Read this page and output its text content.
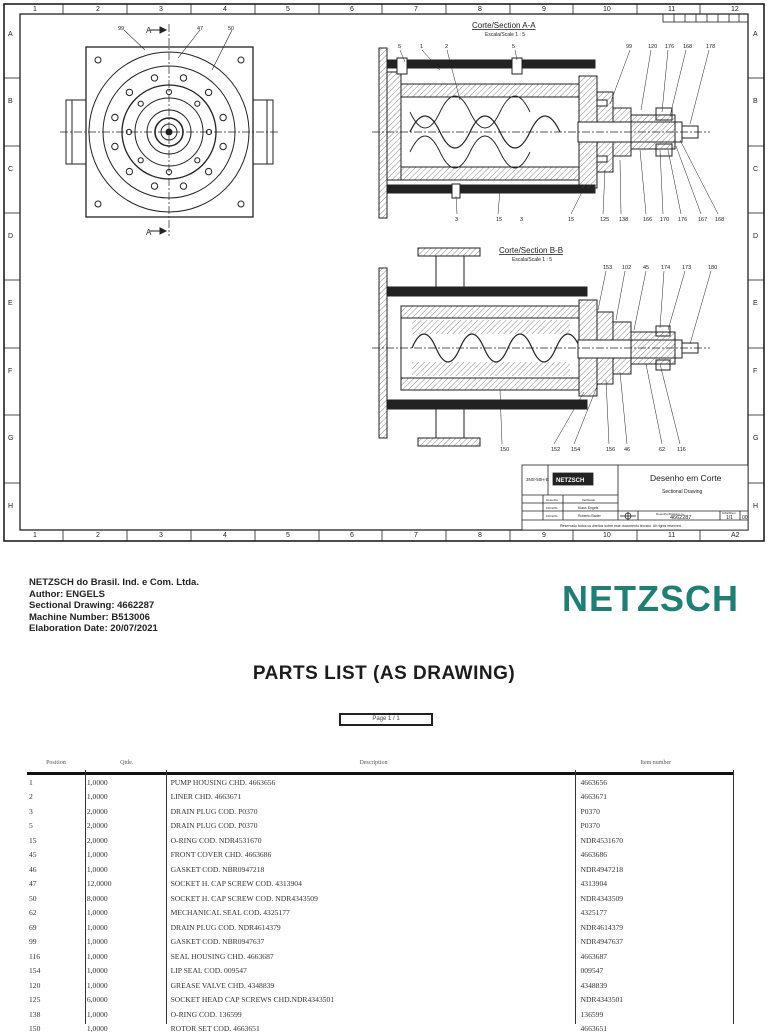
1	2	3	4	5	6	7	8	9	10	11	12
1	2	3	4	5	6	7	8	9	10	11	A2
A
B
C
D
E
F
G
H
A
B
C
D
E
F
G
H
A
A
99	47	50	Corte/Section A-A
Escala/Scale 1 : 5
5	1	2	5	99	120 176 168	178
3	15	3	15	125 138	166 170 176 167 168
Corte/Section B-B
Escala/Scale 1 : 5
153 102 45 174 173	180
150	152 154	156 46	62 116
3NS-50H-E NETZSCH	Desenho em Corte
Sectional Drawing
Desenho	Verificado
10/12/21	Klaus Engels
10/12/21	Roberto Bader	Desenho/Drawing no.
4662287
Folha/Sheet
1/1 00
Reservado todos os direitos sobre este documento técnico. All rights reserved.
NETZSCH do Brasil. Ind. e Com. Ltda.
Author: ENGELS
Sectional Drawing: 4662287
Machine Number: B513006
Elaboration Date: 20/07/2021
NETZSCH
PARTS LIST (AS DRAWING)
Page 1 / 1
Position	Qtde.	Description	Item number
1	1,0000	PUMP HOUSING CHD. 4663656	4663656
2	1,0000	LINER CHD. 4663671	4663671
3	2,0000	DRAIN PLUG COD. P0370	P0370
5	2,0000	DRAIN PLUG COD. P0370	P0370
15	2,0000	O-RING COD. NDR4531670	NDR4531670
45	1,0000	FRONT COVER CHD. 4663686	4663686
46	1,0000	GASKET COD. NBR0947218	NDR4947218
47	12,0000	SOCKET H. CAP SCREW COD. 4313904	4313904
50	8,0000	SOCKET H. CAP SCREW COD. NDR4343509	NDR4343509
62	1,0000	MECHANICAL SEAL COD. 4325177	4325177
69	1,0000	DRAIN PLUG COD. NDR4614379	NDR4614379
99	1,0000	GASKET COD. NBR0947637	NDR4947637
116	1,0000	SEAL HOUSING CHD. 4663687	4663687
154	1,0000	LIP SEAL COD. 009547	009547
120	1,0000	GREASE VALVE CHD. 4348839	4348839
125	6,0000	SOCKET HEAD CAP SCREWS CHD.NDR4343501	NDR4343501
138	1,0000	O-RING COD. 136599	136599
150	1,0000	ROTOR SET COD. 4663651	4663651
